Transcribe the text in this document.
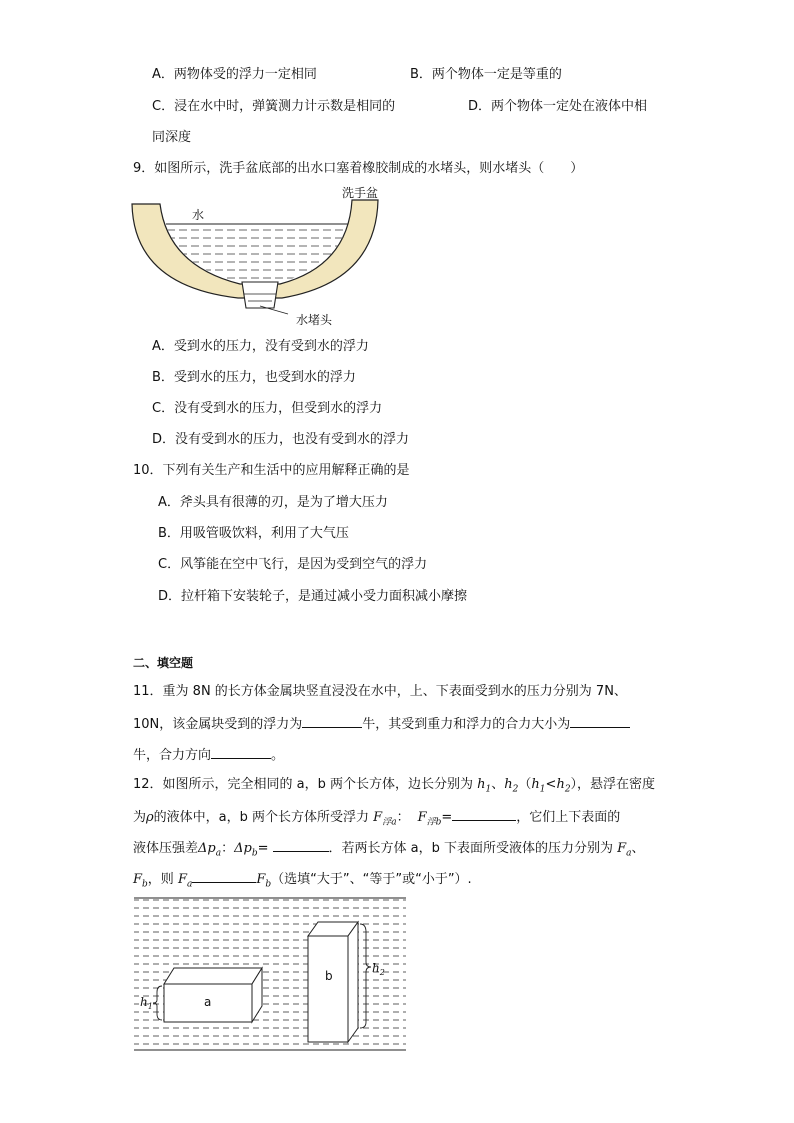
A．两物体受的浮力一定相同	B．两个物体一定是等重的
C．浸在水中时，弹簧测力计示数是相同的	D．两个物体一定处在液体中相
同深度
9．如图所示，洗手盆底部的出水口塞着橡胶制成的水堵头，则水堵头（　　）
洗手盆
水
水堵头
A．受到水的压力，没有受到水的浮力
B．受到水的压力，也受到水的浮力
C．没有受到水的压力，但受到水的浮力
D．没有受到水的压力，也没有受到水的浮力
10．下列有关生产和生活中的应用解释正确的是
A．斧头具有很薄的刃，是为了增大压力
B．用吸管吸饮料，利用了大气压
C．风筝能在空中飞行，是因为受到空气的浮力
D．拉杆箱下安装轮子，是通过减小受力面积减小摩擦
二、填空题
11．重为 8N 的长方体金属块竖直浸没在水中，上、下表面受到水的压力分别为 7N、
10N，该金属块受到的浮力为	牛，其受到重力和浮力的合力大小为
牛，合力方向	。
12．如图所示，完全相同的 a，b 两个长方体，边长分别为 $h_1$、$h_2(h_1<h_2)$，悬浮在密度
为ρ的液体中，a，b 两个长方体所受浮力 $F_{浮a}$： $F_{浮b}=$	，它们上下表面的
液体压强差$\Delta p_a$：$\Delta p_b=$	．若两长方体 a，b 下表面所受液体的压力分别为 $F_a$、
$F_b$，则 $F_a$	$F_b$（选填“大于”、“等于”或“小于”）.
a
$h_1$
b
$h_2$
